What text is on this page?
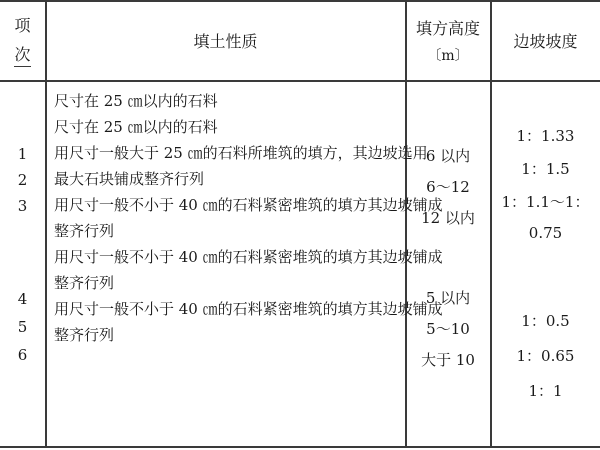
项
次
填土性质
填方高度
〔m〕
边坡坡度
1
2
3
4
5
6
尺寸在 25 ㎝以内的石料
尺寸在 25 ㎝以内的石料
用尺寸一般大于 25 ㎝的石料所堆筑的填方，其边坡选用
最大石块铺成整齐行列
用尺寸一般不小于 40 ㎝的石料紧密堆筑的填方其边坡铺成
整齐行列
用尺寸一般不小于 40 ㎝的石料紧密堆筑的填方其边坡铺成
整齐行列
用尺寸一般不小于 40 ㎝的石料紧密堆筑的填方其边坡铺成
整齐行列
6 以内
6～12
12 以内
5 以内
5～10
大于 10
1：1.33
1：1.5
1：1.1～1：
0.75
1：0.5
1：0.65
1：1
